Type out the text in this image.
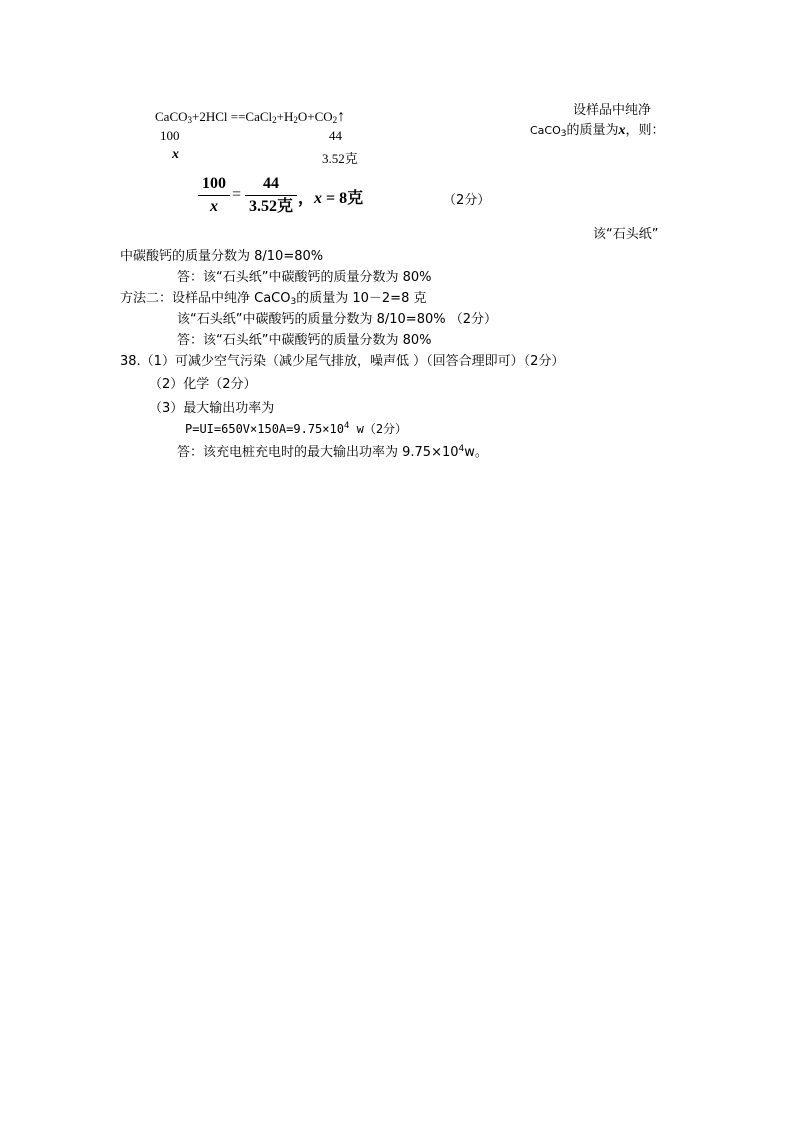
CaCO$_3$+2HCl $==CaCl_2+H_2O+CO_2↑$
100	44
x	3.52克
设样品中纯净
CaCO$_3$的质量为x，则：
100
x
=
44
3.52克 ，x = 8克	（2分）
该“石头纸”
中碳酸钙的质量分数为 8/10=80%
答：该“石头纸”中碳酸钙的质量分数为 80%
方法二：设样品中纯净 CaCO$_3$的质量为 10－2=8 克
该“石头纸”中碳酸钙的质量分数为 8/10=80% （2分）
答：该“石头纸”中碳酸钙的质量分数为 80%
38.（1）可减少空气污染（减少尾气排放，噪声低 ）（回答合理即可）（2分）
（2）化学（2分）
（3）最大输出功率为
$P=UI=650V\times 150A=9.75\times 10^4$ w（2分）
答：该充电桩充电时的最大输出功率为 $9.75\times 10^4w$。
